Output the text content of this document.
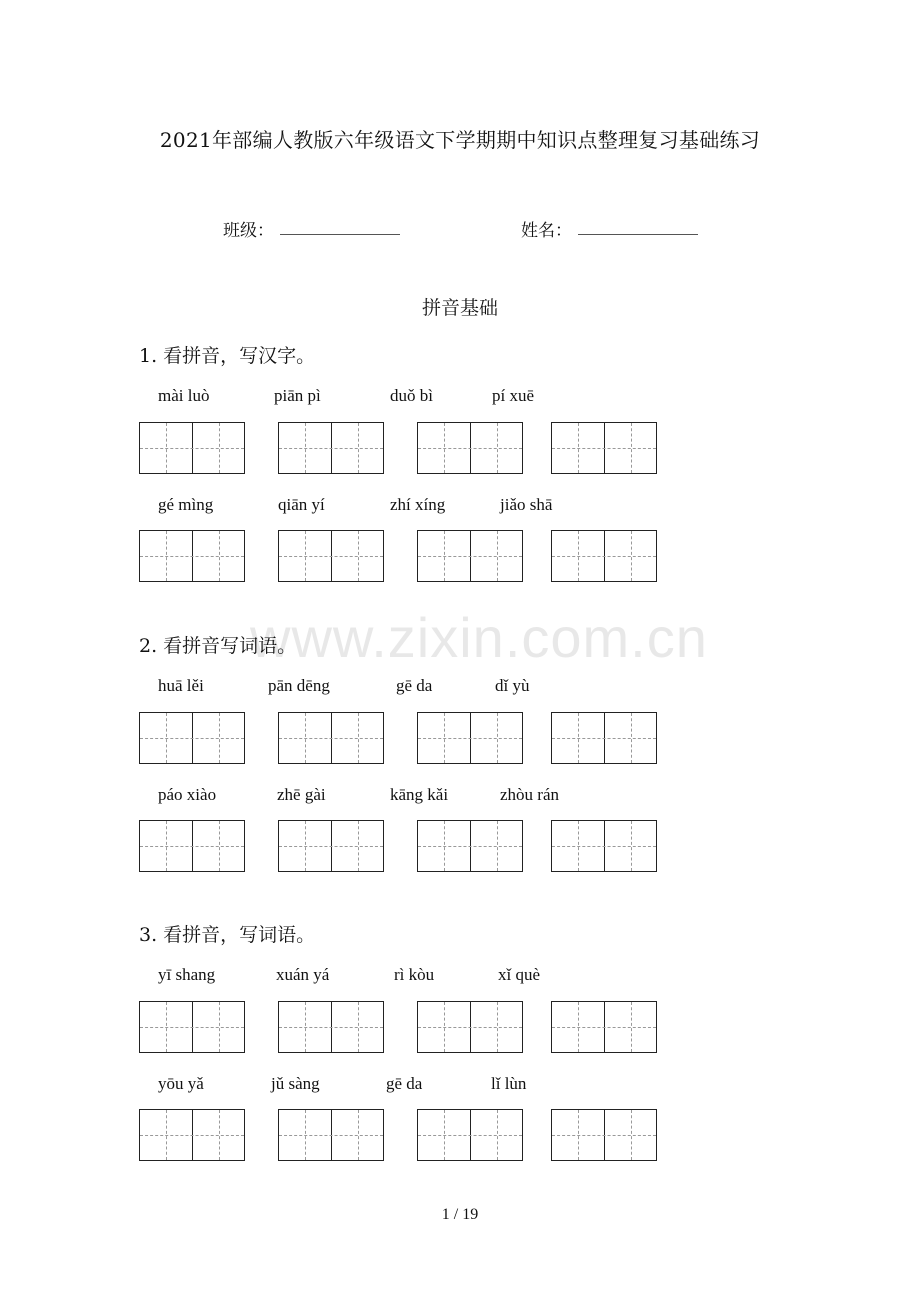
2021年部编人教版六年级语文下学期期中知识点整理复习基础练习
班级：	姓名：
拼音基础
www.zixin.com.cn
1. 看拼音，写汉字。
mài luò	piān pì	duǒ bì	pí xuē
gé mìng	qiān yí	zhí xíng	jiǎo shā
2. 看拼音写词语。
huā lěi	pān dēng	gē da	dǐ yù
páo xiào	zhē gài	kāng kǎi	zhòu rán
3. 看拼音，写词语。
yī shang	xuán yá	rì kòu	xǐ què
yōu yǎ	jǔ sàng	gē da	lǐ lùn
1 / 19
